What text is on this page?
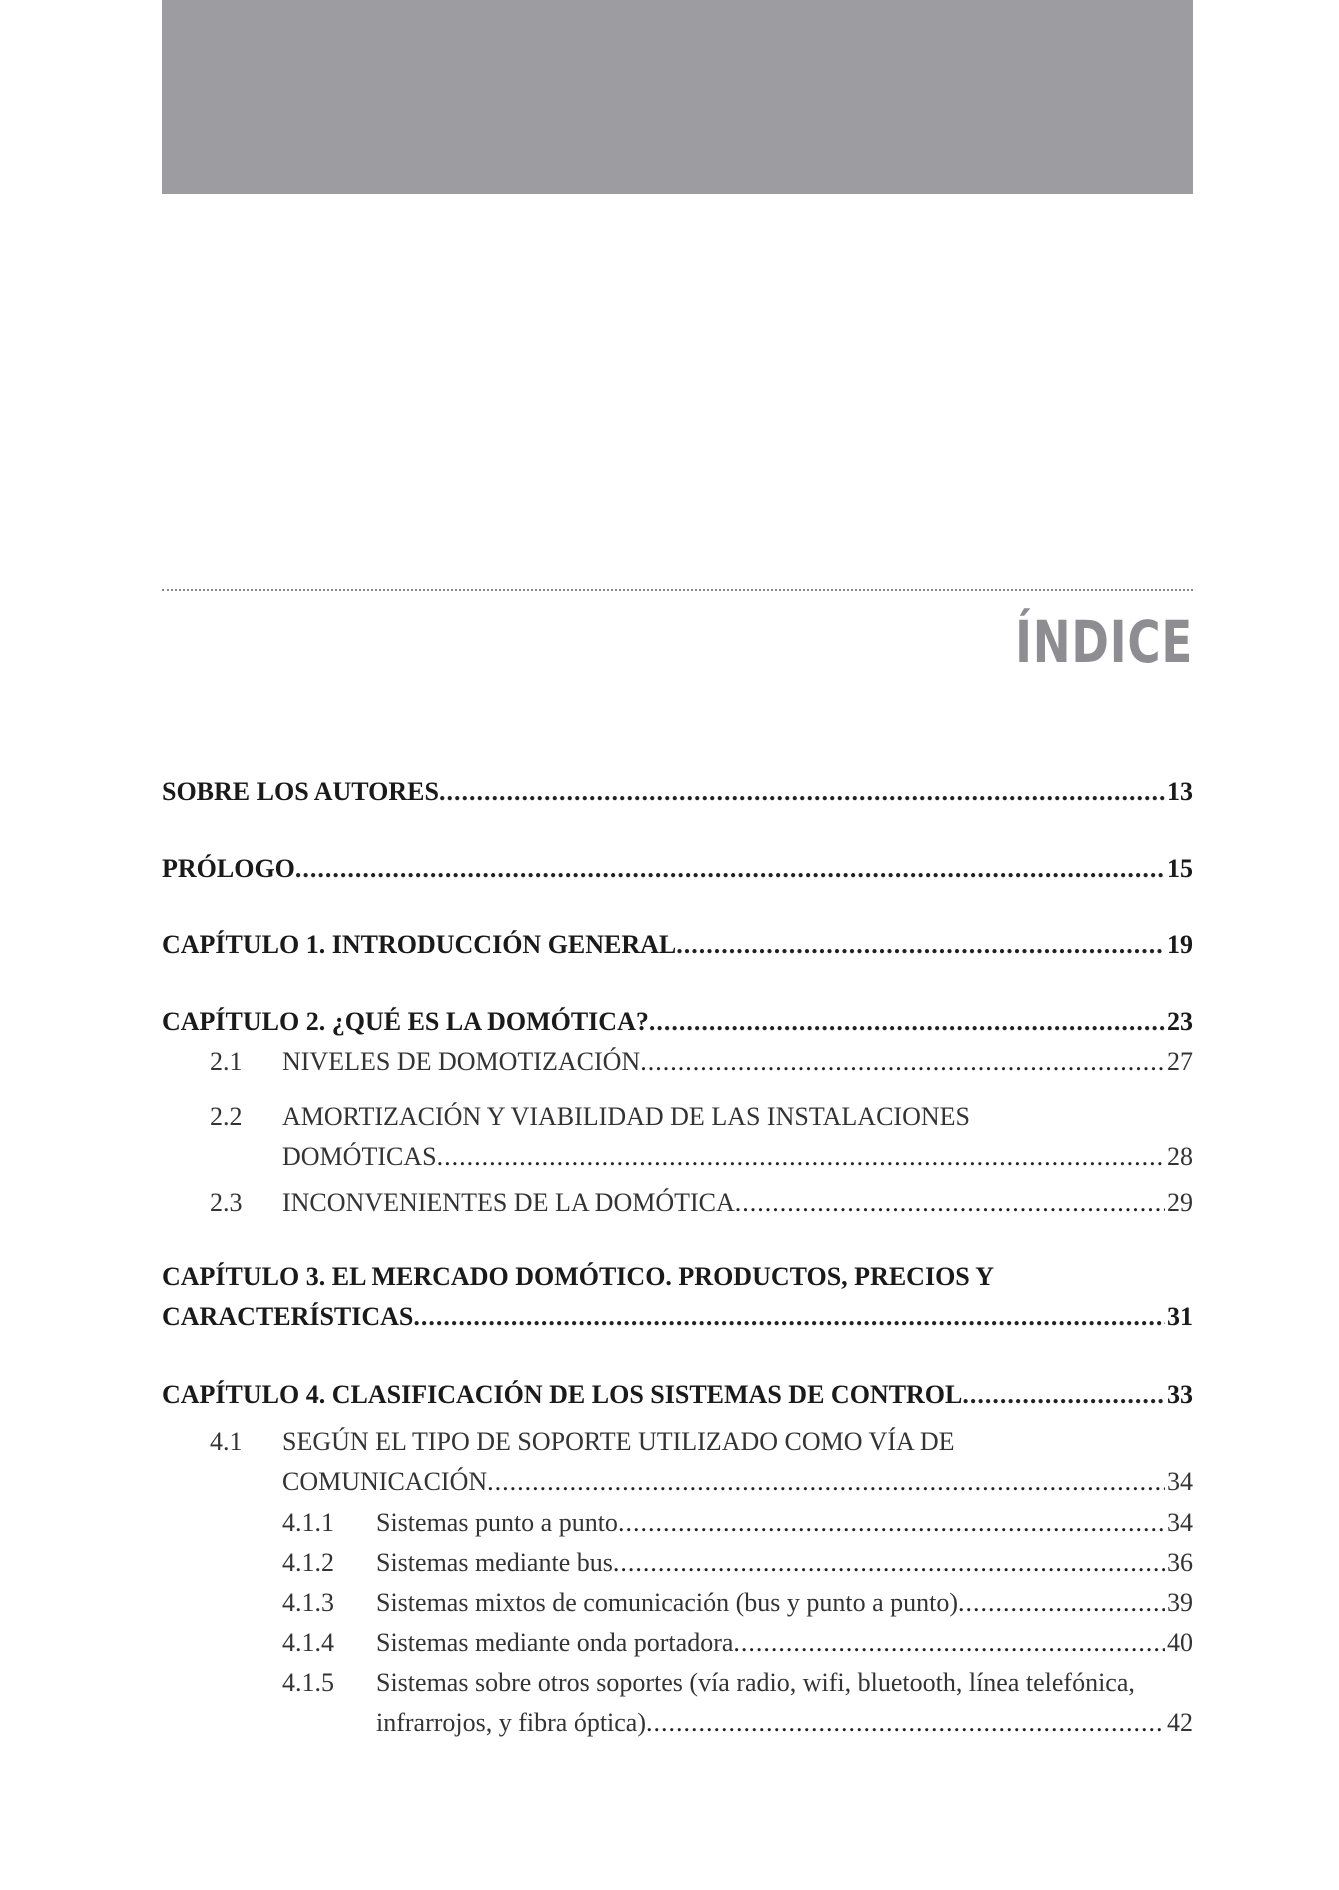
ÍNDICE
SOBRE LOS AUTORES .....	13
PRÓLOGO .....	15
CAPÍTULO 1. INTRODUCCIÓN GENERAL .....	19
CAPÍTULO 2. ¿QUÉ ES LA DOMÓTICA? .....	23
2.1 NIVELES DE DOMOTIZACIÓN .....	27
2.2 AMORTIZACIÓN Y VIABILIDAD DE LAS INSTALACIONES
DOMÓTICAS .....	28
2.3 INCONVENIENTES DE LA DOMÓTICA .....	29
CAPÍTULO 3. EL MERCADO DOMÓTICO. PRODUCTOS, PRECIOS Y
CARACTERÍSTICAS .....	31
CAPÍTULO 4. CLASIFICACIÓN DE LOS SISTEMAS DE CONTROL .....	33
4.1 SEGÚN EL TIPO DE SOPORTE UTILIZADO COMO VÍA DE
COMUNICACIÓN .....	34
4.1.1 Sistemas punto a punto .....	34
4.1.2 Sistemas mediante bus .....	36
4.1.3 Sistemas mixtos de comunicación (bus y punto a punto) .....	39
4.1.4 Sistemas mediante onda portadora .....	40
4.1.5 Sistemas sobre otros soportes (vía radio, wifi, bluetooth, línea telefónica,
infrarrojos, y fibra óptica) .....	42
